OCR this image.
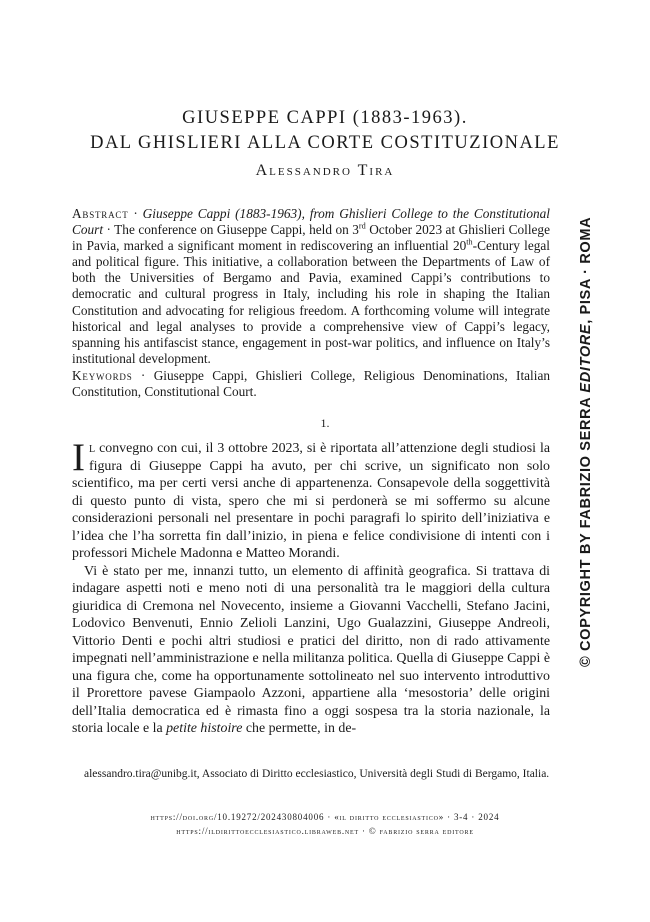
GIUSEPPE CAPPI (1883-1963).
DAL GHISLIERI ALLA CORTE COSTITUZIONALE
Alessandro Tira

Abstract · Giuseppe Cappi (1883-1963), from Ghislieri College to the Constitutional Court · The conference on Giuseppe Cappi, held on 3rd October 2023 at Ghislieri College in Pavia, marked a significant moment in rediscovering an influential 20th-Century legal and political figure. This initiative, a collaboration between the Departments of Law of both the Universities of Bergamo and Pavia, examined Cappi’s contributions to democratic and cultural progress in Italy, including his role in shaping the Italian Constitution and advocating for religious freedom. A forthcoming volume will integrate historical and legal analyses to provide a comprehensive view of Cappi’s legacy, spanning his antifascist stance, engagement in post-war politics, and influence on Italy’s institutional development.

Keywords · Giuseppe Cappi, Ghislieri College, Religious Denominations, Italian Constitution, Constitutional Court.

1.

Il convegno con cui, il 3 ottobre 2023, si è riportata all’attenzione degli studiosi la figura di Giuseppe Cappi ha avuto, per chi scrive, un significato non solo scientifico, ma per certi versi anche di appartenenza. Consapevole della soggettività di questo punto di vista, spero che mi si perdonerà se mi soffermo su alcune considerazioni personali nel presentare in pochi paragrafi lo spirito dell’iniziativa e l’idea che l’ha sorretta fin dall’inizio, in piena e felice condivisione di intenti con i professori Michele Madonna e Matteo Morandi.

Vi è stato per me, innanzi tutto, un elemento di affinità geografica. Si trattava di indagare aspetti noti e meno noti di una personalità tra le maggiori della cultura giuridica di Cremona nel Novecento, insieme a Giovanni Vacchelli, Stefano Jacini, Lodovico Benvenuti, Ennio Zelioli Lanzini, Ugo Gualazzini, Giuseppe Andreoli, Vittorio Denti e pochi altri studiosi e pratici del diritto, non di rado attivamente impegnati nell’amministrazione e nella militanza politica. Quella di Giuseppe Cappi è una figura che, come ha opportunamente sottolineato nel suo intervento introduttivo il Prorettore pavese Giampaolo Azzoni, appartiene alla ‘mesostoria’ delle origini dell’Italia democratica ed è rimasta fino a oggi sospesa tra la storia nazionale, la storia locale e la petite histoire che permette, in de-

alessandro.tira@unibg.it, Associato di Diritto ecclesiastico, Università degli Studi di Bergamo, Italia.
https://doi.org/10.19272/202430804006 · «il diritto ecclesiastico» · 3-4 · 2024
https://ildirittoecclesiastico.libraweb.net · © fabrizio serra editore
© COPYRIGHT BY FABRIZIO SERRA EDITORE, PISA · ROMA
